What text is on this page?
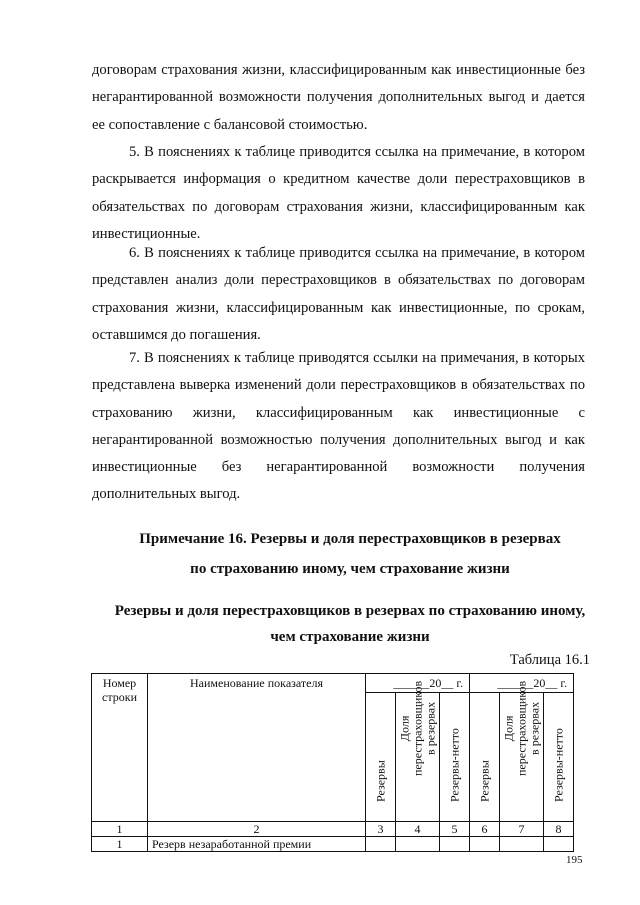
договорам страхования жизни, классифицированным как инвестиционные без негарантированной возможности получения дополнительных выгод и дается ее сопоставление с балансовой стоимостью.

5. В пояснениях к таблице приводится ссылка на примечание, в котором раскрывается информация о кредитном качестве доли перестраховщиков в обязательствах по договорам страхования жизни, классифицированным как инвестиционные.

6. В пояснениях к таблице приводится ссылка на примечание, в котором представлен анализ доли перестраховщиков в обязательствах по договорам страхования жизни, классифицированным как инвестиционные, по срокам, оставшимся до погашения.

7. В пояснениях к таблице приводятся ссылки на примечания, в которых представлена выверка изменений доли перестраховщиков в обязательствах по страхованию жизни, классифицированным как инвестиционные с негарантированной возможностью получения дополнительных выгод и как инвестиционные без негарантированной возможности получения дополнительных выгод.

Примечание 16. Резервы и доля перестраховщиков в резервах

по страхованию иному, чем страхование жизни

Резервы и доля перестраховщиков в резервах по страхованию иному,

чем страхование жизни

Таблица 16.1
Номер строки	Наименование показателя	______20__ г.			______20__ г.		

		Резервы	Доля перестраховщиков в резервах	Резервы-нетто	Резервы	Доля перестраховщиков в резервах	Резервы-нетто

1	2	3	4	5	6	7	8
1	Резерв незаработанной премии						
195
